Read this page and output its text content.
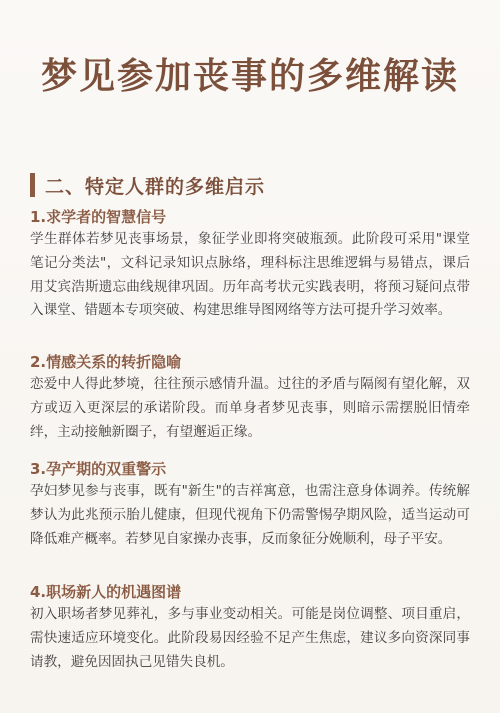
梦见参加丧事的多维解读
二、特定人群的多维启示
1.求学者的智慧信号

学生群体若梦见丧事场景，象征学业即将突破瓶颈。此阶段可采用"课堂笔记分类法"，文科记录知识点脉络，理科标注思维逻辑与易错点，课后用艾宾浩斯遗忘曲线规律巩固。历年高考状元实践表明，将预习疑问点带入课堂、错题本专项突破、构建思维导图网络等方法可提升学习效率。

2.情感关系的转折隐喻

恋爱中人得此梦境，往往预示感情升温。过往的矛盾与隔阂有望化解，双方或迈入更深层的承诺阶段。而单身者梦见丧事，则暗示需摆脱旧情牵绊，主动接触新圈子，有望邂逅正缘。

3.孕产期的双重警示

孕妇梦见参与丧事，既有"新生"的吉祥寓意，也需注意身体调养。传统解梦认为此兆预示胎儿健康，但现代视角下仍需警惕孕期风险，适当运动可降低难产概率。若梦见自家操办丧事，反而象征分娩顺利，母子平安。

4.职场新人的机遇图谱

初入职场者梦见葬礼，多与事业变动相关。可能是岗位调整、项目重启，需快速适应环境变化。此阶段易因经验不足产生焦虑，建议多向资深同事请教，避免因固执己见错失良机。
